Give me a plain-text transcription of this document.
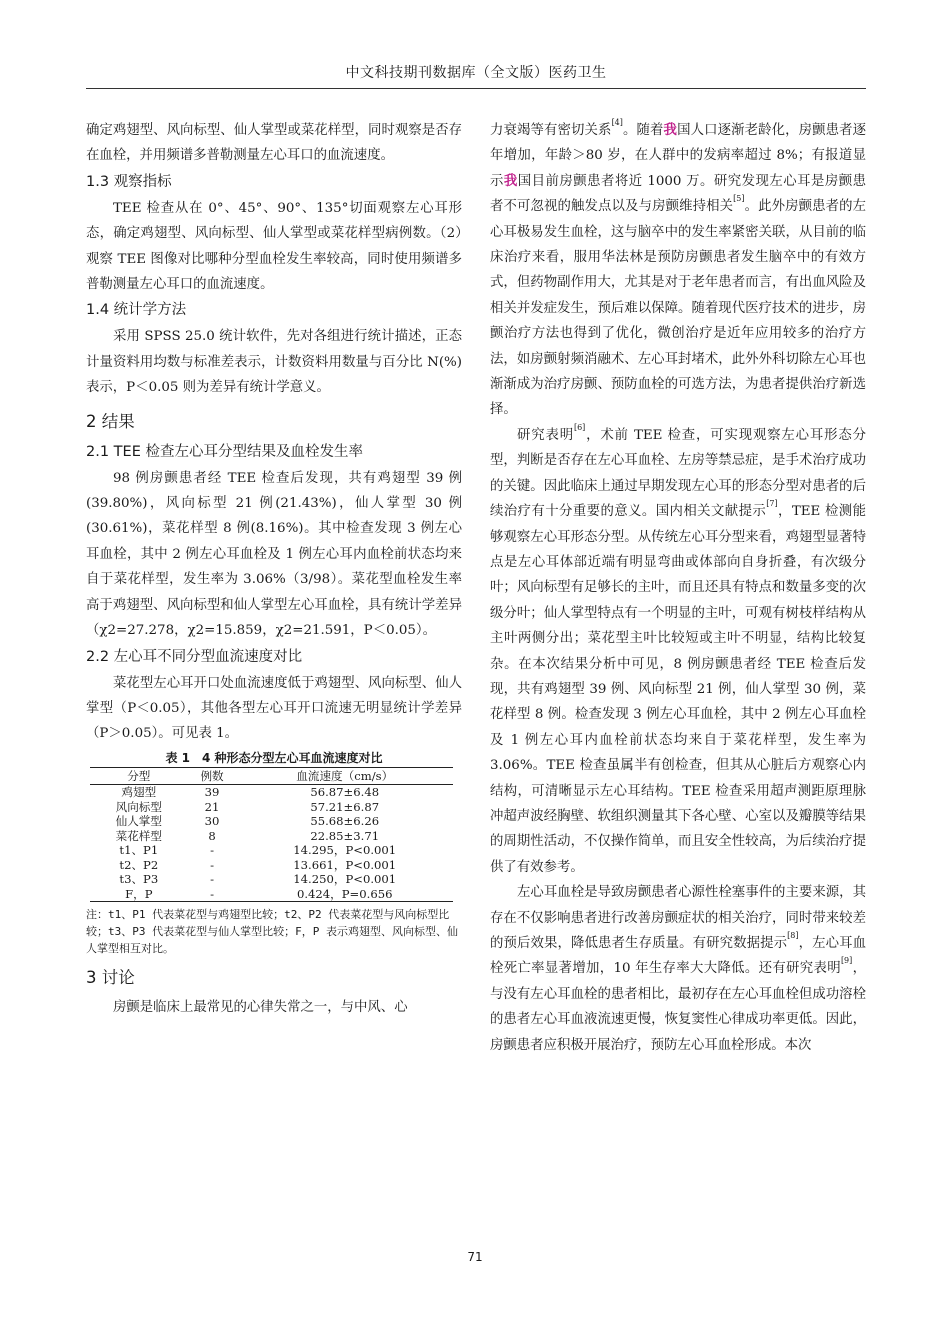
中文科技期刊数据库（全文版）医药卫生

确定鸡翅型、风向标型、仙人掌型或菜花样型，同时观察是否存在血栓，并用频谱多普勒测量左心耳口的血流速度。

1.3 观察指标

TEE 检查从在 0°、45°、90°、135°切面观察左心耳形态，确定鸡翅型、风向标型、仙人掌型或菜花样型病例数。（2）观察 TEE 图像对比哪种分型血栓发生率较高，同时使用频谱多普勒测量左心耳口的血流速度。

1.4 统计学方法

采用 SPSS 25.0 统计软件，先对各组进行统计描述，正态计量资料用均数与标准差表示，计数资料用数量与百分比 N(%)表示，P＜0.05 则为差异有统计学意义。

2 结果
2.1 TEE 检查左心耳分型结果及血栓发生率

98 例房颤患者经 TEE 检查后发现，共有鸡翅型 39 例(39.80%)，风向标型 21 例(21.43%)，仙人掌型 30 例(30.61%)，菜花样型 8 例(8.16%)。其中检查发现 3 例左心耳血栓，其中 2 例左心耳血栓及 1 例左心耳内血栓前状态均来自于菜花样型，发生率为 3.06%（3/98）。菜花型血栓发生率高于鸡翅型、风向标型和仙人掌型左心耳血栓，具有统计学差异（χ2=27.278，χ2=15.859，χ2=21.591，P＜0.05）。

2.2 左心耳不同分型血流速度对比

菜花型左心耳开口处血流速度低于鸡翅型、风向标型、仙人掌型（P＜0.05），其他各型左心耳开口流速无明显统计学差异（P＞0.05）。可见表 1。

表 1　4 种形态分型左心耳血流速度对比
分型	例数	血流速度（cm/s）
鸡翅型	39	56.87±6.48
风向标型	21	57.21±6.87
仙人掌型	30	55.68±6.26
菜花样型	8	22.85±3.71
t1、P1	-	14.295，P<0.001
t2、P2	-	13.661，P<0.001
t3、P3	-	14.250，P<0.001
F，P	-	0.424，P=0.656
注：t1、P1 代表菜花型与鸡翅型比较；t2、P2 代表菜花型与风向标型比较；t3、P3 代表菜花型与仙人掌型比较；F，P 表示鸡翅型、风向标型、仙人掌型相互对比。
3 讨论

房颤是临床上最常见的心律失常之一，与中风、心

力衰竭等有密切关系[4]。随着我国人口逐渐老龄化，房颤患者逐年增加，年龄＞80 岁，在人群中的发病率超过 8%；有报道显示我国目前房颤患者将近 1000 万。研究发现左心耳是房颤患者不可忽视的触发点以及与房颤维持相关[5]。此外房颤患者的左心耳极易发生血栓，这与脑卒中的发生率紧密关联，从目前的临床治疗来看，服用华法林是预防房颤患者发生脑卒中的有效方式，但药物副作用大，尤其是对于老年患者而言，有出血风险及相关并发症发生，预后难以保障。随着现代医疗技术的进步，房颤治疗方法也得到了优化，微创治疗是近年应用较多的治疗方法，如房颤射频消融术、左心耳封堵术，此外外科切除左心耳也渐渐成为治疗房颤、预防血栓的可选方法，为患者提供治疗新选择。

研究表明[6]，术前 TEE 检查，可实现观察左心耳形态分型，判断是否存在左心耳血栓、左房等禁忌症，是手术治疗成功的关键。因此临床上通过早期发现左心耳的形态分型对患者的后续治疗有十分重要的意义。国内相关文献提示[7]，TEE 检测能够观察左心耳形态分型。从传统左心耳分型来看，鸡翅型显著特点是左心耳体部近端有明显弯曲或体部向自身折叠，有次级分叶；风向标型有足够长的主叶，而且还具有特点和数量多变的次级分叶；仙人掌型特点有一个明显的主叶，可观有树枝样结构从主叶两侧分出；菜花型主叶比较短或主叶不明显，结构比较复杂。在本次结果分析中可见，8 例房颤患者经 TEE 检查后发现，共有鸡翅型 39 例、风向标型 21 例，仙人掌型 30 例，菜花样型 8 例。检查发现 3 例左心耳血栓，其中 2 例左心耳血栓及 1 例左心耳内血栓前状态均来自于菜花样型，发生率为 3.06%。TEE 检查虽属半有创检查，但其从心脏后方观察心内结构，可清晰显示左心耳结构。TEE 检查采用超声测距原理脉冲超声波经胸壁、软组织测量其下各心壁、心室以及瓣膜等结果的周期性活动，不仅操作简单，而且安全性较高，为后续治疗提供了有效参考。

左心耳血栓是导致房颤患者心源性栓塞事件的主要来源，其存在不仅影响患者进行改善房颤症状的相关治疗，同时带来较差的预后效果，降低患者生存质量。有研究数据提示[8]，左心耳血栓死亡率显著增加，10 年生存率大大降低。还有研究表明[9]，与没有左心耳血栓的患者相比，最初存在左心耳血栓但成功溶栓的患者左心耳血液流速更慢，恢复窦性心律成功率更低。因此，房颤患者应积极开展治疗，预防左心耳血栓形成。本次

71
